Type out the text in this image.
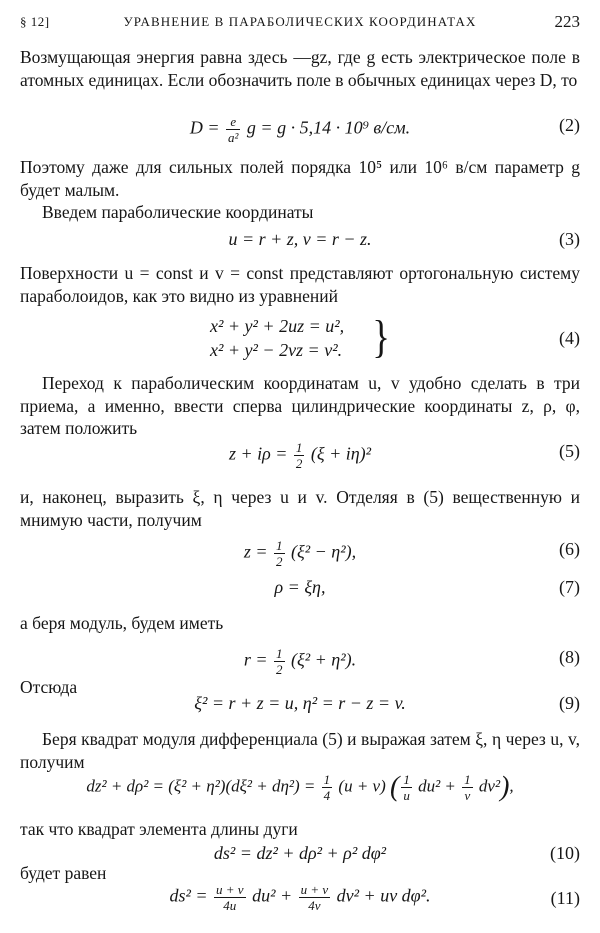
§ 12]	УРАВНЕНИЕ В ПАРАБОЛИЧЕСКИХ КООРДИНАТАХ	223

Возмущающая энергия равна здесь —gz, где g есть электрическое поле в атомных единицах. Если обозначить поле в обычных единицах через D, то

$D = \frac{e}{\text{a²}}$ g = g · 5,14 · 10⁹ в/см.	(2)

Поэтому даже для сильных полей порядка 10⁵ или 10⁶ в/см параметр g будет малым.

Введем параболические координаты

u = r + z, v = r − z.	(3)

Поверхности u = const и v = const представляют ортогональную систему параболоидов, как это видно из уравнений

x² + y² + 2uz = u²,
x² + y² − 2vz = v². }	(4)

Переход к параболическим координатам u, v удобно сделать в три приема, а именно, ввести сперва цилиндрические координаты z, ρ, φ, затем положить

$z + i\rho = \frac{1}{2} (\xi + i\eta)^2$	(5)

и, наконец, выразить ξ, η через u и v. Отделяя в (5) вещественную и мнимую части, получим

$z = \frac{1}{2} (\xi^2 - \eta^2)$,	(6)
ρ = ξη,	(7)

а беря модуль, будем иметь

$r = \frac{1}{2} (\xi^2 + \eta^2)$.	(8)

Отсюда

ξ² = r + z = u, η² = r − z = v.	(9)

Беря квадрат модуля дифференциала (5) и выражая затем ξ, η через u, v, получим

$dz^2 + d\rho^2 = (\xi^2 + \eta^2)(d\xi^2 + d\eta^2) = \frac{1}{4} (u + v)$ ( $\frac{1}{u} du^2 + \frac{1}{v} dv^2$),

так что квадрат элемента длины дуги

ds² = dz² + dρ² + ρ² dφ²	(10)

будет равен

$ds^2 = \frac{u + v}{4u} du^2 + \frac{u + v}{4v} dv^2$ + uv dφ².	(11)
